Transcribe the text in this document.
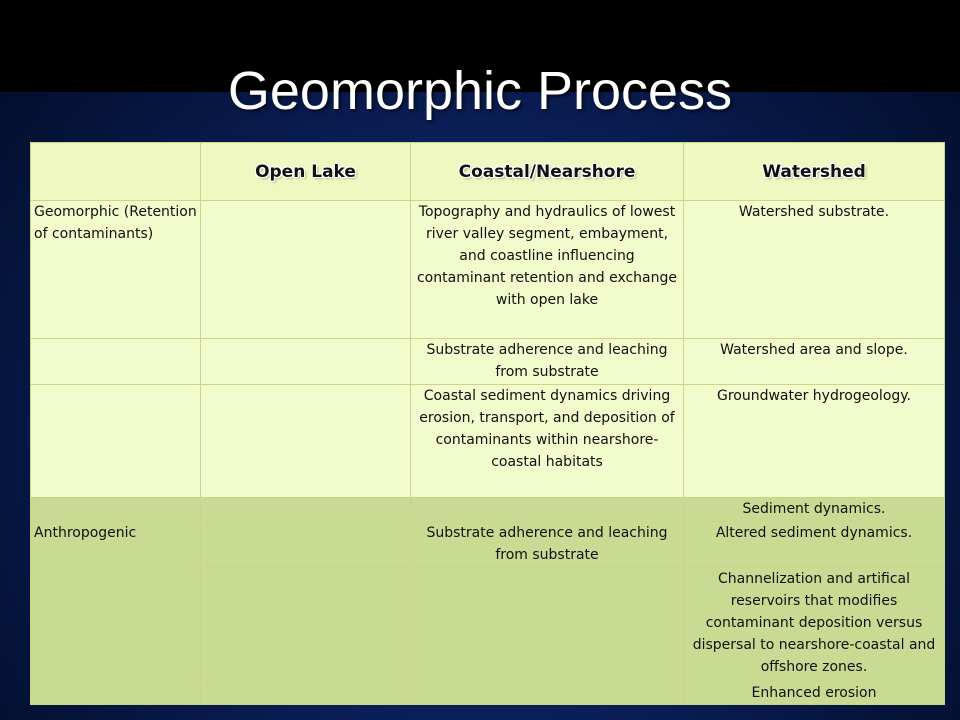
Geomorphic Process
	Open Lake	Coastal/Nearshore	Watershed
Geomorphic (Retention of contaminants)		Topography and hydraulics of lowest river valley segment, embayment, and coastline influencing contaminant retention and exchange with open lake	Watershed substrate.
		Substrate adherence and leaching from substrate	Watershed area and slope.
		Coastal sediment dynamics driving erosion, transport, and deposition of contaminants within nearshore-coastal habitats	Groundwater hydrogeology.
			Sediment dynamics.
Anthropogenic		Substrate adherence and leaching from substrate	Altered sediment dynamics.
			Channelization and artifical reservoirs that modifies contaminant deposition versus dispersal to nearshore-coastal and offshore zones.
			Enhanced erosion
